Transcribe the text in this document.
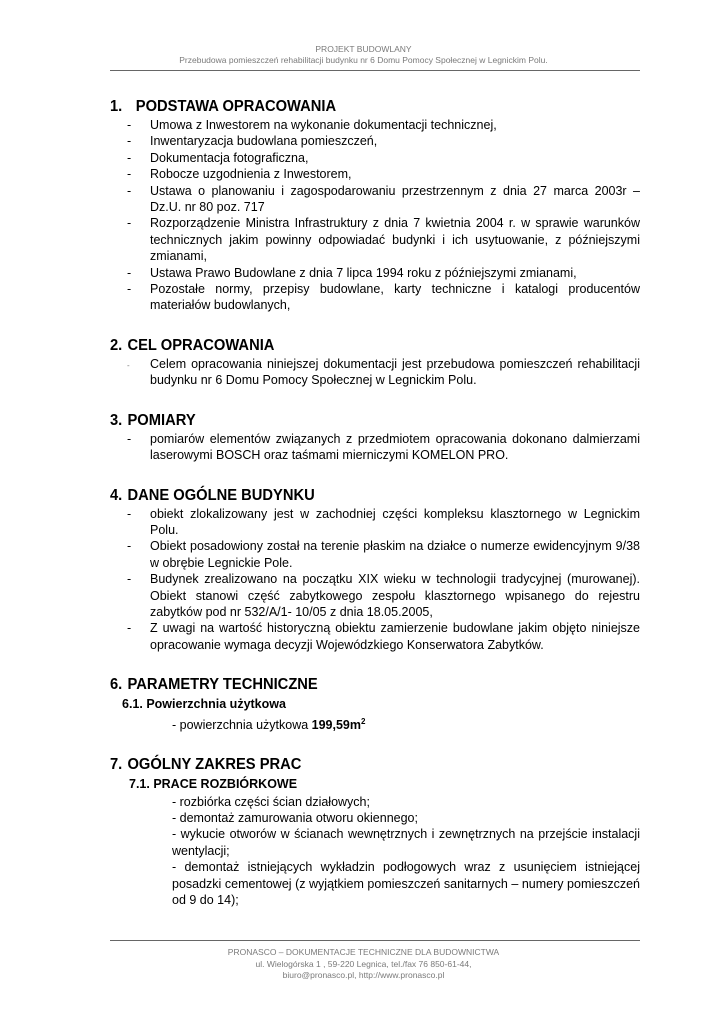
PROJEKT BUDOWLANY
Przebudowa pomieszczeń rehabilitacji budynku nr 6 Domu Pomocy Społecznej w Legnickim Polu.
1. PODSTAWA OPRACOWANIA
- Umowa z Inwestorem na wykonanie dokumentacji technicznej,
- Inwentaryzacja budowlana pomieszczeń,
- Dokumentacja fotograficzna,
- Robocze uzgodnienia z Inwestorem,
- Ustawa o planowaniu i zagospodarowaniu przestrzennym z dnia 27 marca 2003r – Dz.U. nr 80 poz. 717
- Rozporządzenie Ministra Infrastruktury z dnia 7 kwietnia 2004 r. w sprawie warunków technicznych jakim powinny odpowiadać budynki i ich usytuowanie, z późniejszymi zmianami,
- Ustawa Prawo Budowlane z dnia 7 lipca 1994 roku z późniejszymi zmianami,
- Pozostałe normy, przepisy budowlane, karty techniczne i katalogi producentów materiałów budowlanych,
2. CEL OPRACOWANIA
- Celem opracowania niniejszej dokumentacji jest przebudowa pomieszczeń rehabilitacji budynku nr 6 Domu Pomocy Społecznej w Legnickim Polu.
3. POMIARY
- pomiarów elementów związanych z przedmiotem opracowania dokonano dalmierzami laserowymi BOSCH oraz taśmami mierniczymi KOMELON PRO.
4. DANE OGÓLNE BUDYNKU
- obiekt zlokalizowany jest w zachodniej części kompleksu klasztornego w Legnickim Polu.
- Obiekt posadowiony został na terenie płaskim na działce o numerze ewidencyjnym 9/38 w obrębie Legnickie Pole.
- Budynek zrealizowano na początku XIX wieku w technologii tradycyjnej (murowanej). Obiekt stanowi część zabytkowego zespołu klasztornego wpisanego do rejestru zabytków pod nr 532/A/1- 10/05 z dnia 18.05.2005,
- Z uwagi na wartość historyczną obiektu zamierzenie budowlane jakim objęto niniejsze opracowanie wymaga decyzji Wojewódzkiego Konserwatora Zabytków.
6. PARAMETRY TECHNICZNE
6.1. Powierzchnia użytkowa
- powierzchnia użytkowa $199,59m^2$
7. OGÓLNY ZAKRES PRAC
7.1. PRACE ROZBIÓRKOWE

- rozbiórka części ścian działowych;

- demontaż zamurowania otworu okiennego;

- wykucie otworów w ścianach wewnętrznych i zewnętrznych na przejście instalacji wentylacji;

- demontaż istniejących wykładzin podłogowych wraz z usunięciem istniejącej posadzki cementowej (z wyjątkiem pomieszczeń sanitarnych – numery pomieszczeń od 9 do 14);

PRONASCO – DOKUMENTACJE TECHNICZNE DLA BUDOWNICTWA
ul. Wielogórska 1 , 59-220 Legnica, tel./fax 76 850-61-44,
biuro@pronasco.pl, http://www.pronasco.pl
